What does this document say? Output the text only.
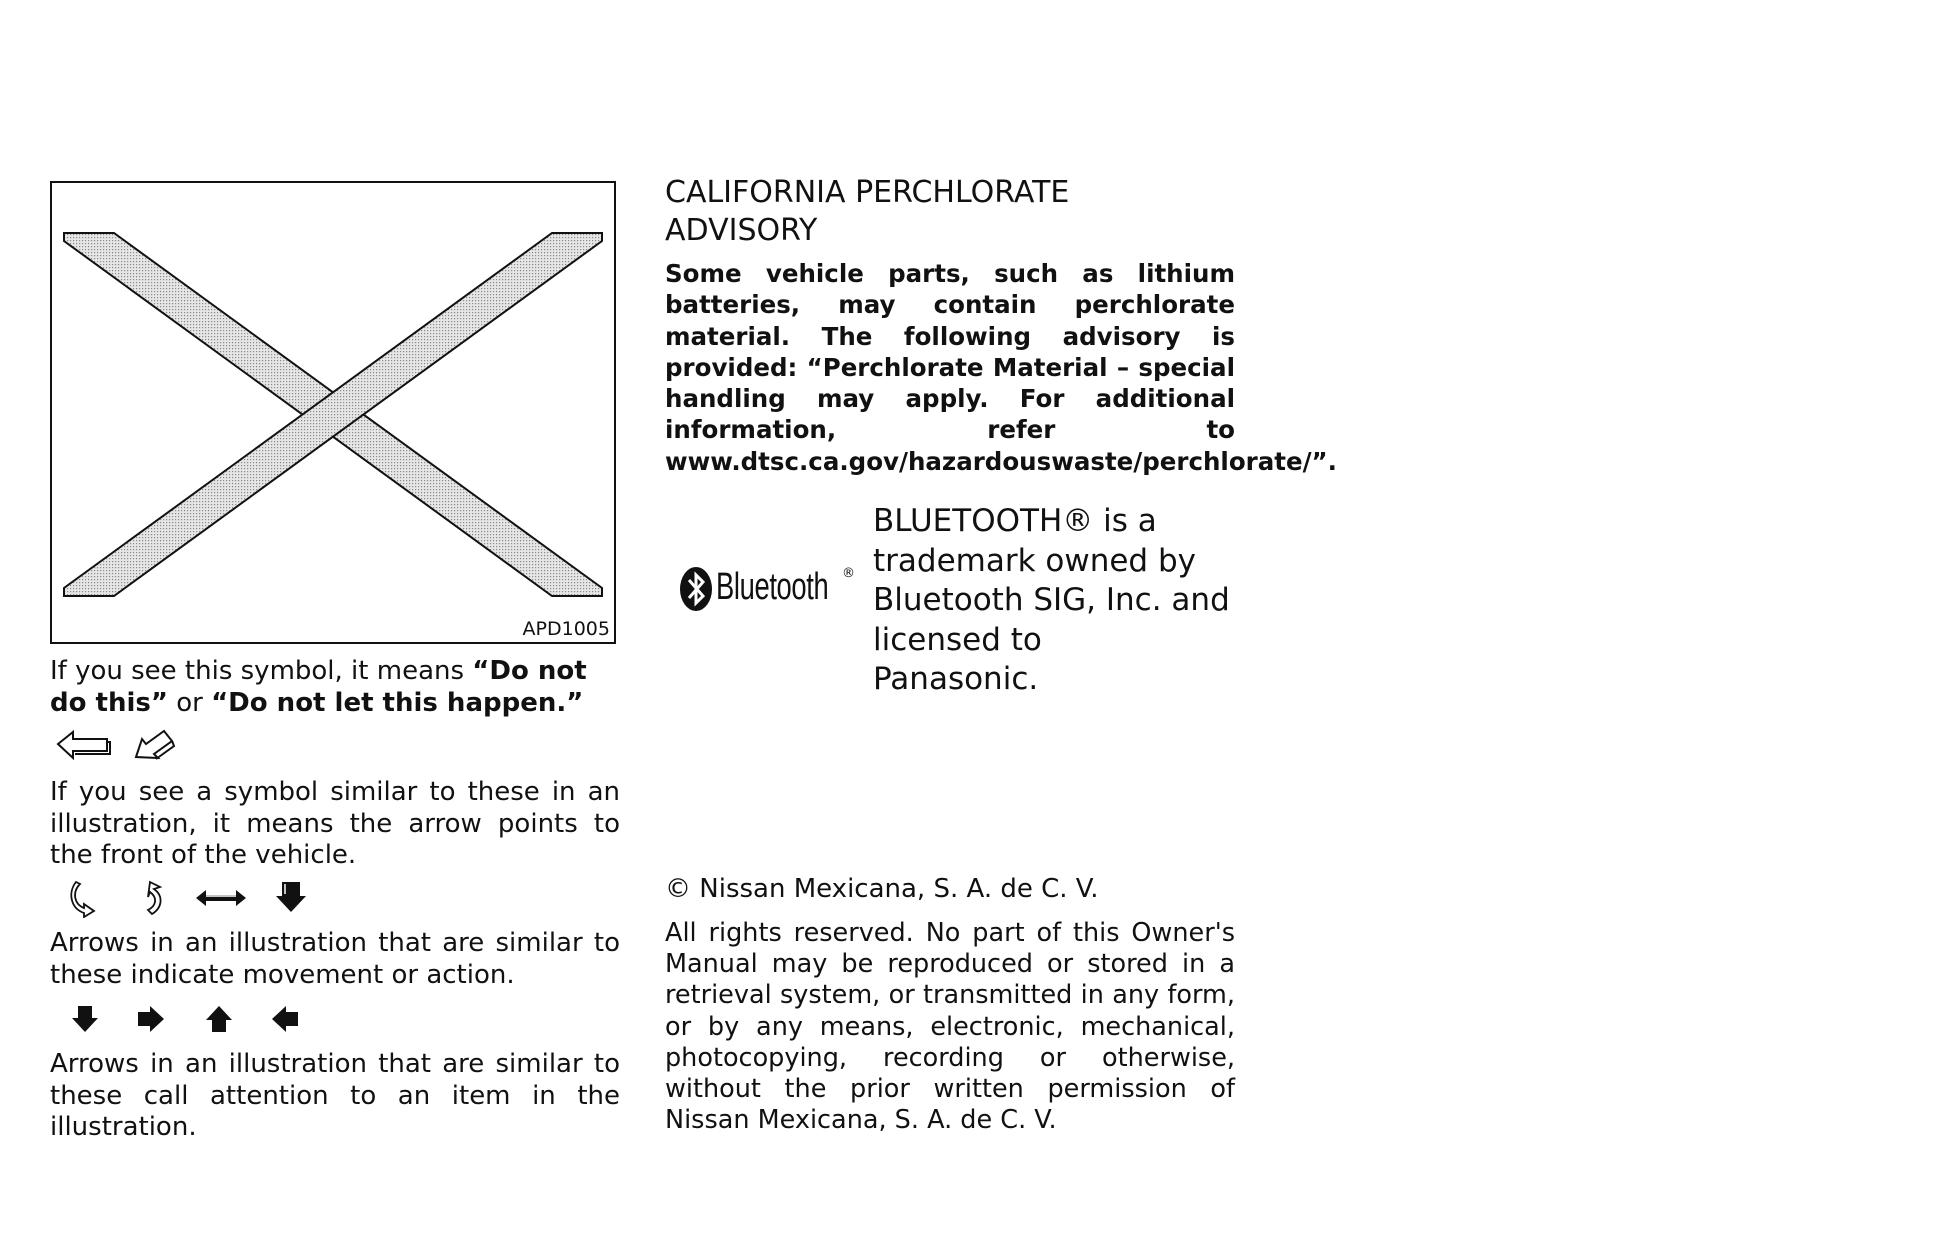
APD1005

If you see this symbol, it means “Do not do this” or “Do not let this happen.”

If you see a symbol similar to these in an illustration, it means the arrow points to the front of the vehicle.

Arrows in an illustration that are similar to these indicate movement or action.

Arrows in an illustration that are similar to these call attention to an item in the illustration.

CALIFORNIA PERCHLORATE
ADVISORY

Some vehicle parts, such as lithium batteries, may contain perchlorate material. The following advisory is provided: “Perchlorate Material – special handling may apply. For additional information, refer to www.dtsc.ca.gov/hazardouswaste/perchlorate/”.

Bluetooth ®
BLUETOOTH® is a
trademark owned by
Bluetooth SIG, Inc. and
licensed to
Panasonic.

© Nissan Mexicana, S. A. de C. V.

All rights reserved. No part of this Owner's Manual may be reproduced or stored in a retrieval system, or transmitted in any form, or by any means, electronic, mechanical, photocopying, recording or otherwise, without the prior written permission of Nissan Mexicana, S. A. de C. V.
